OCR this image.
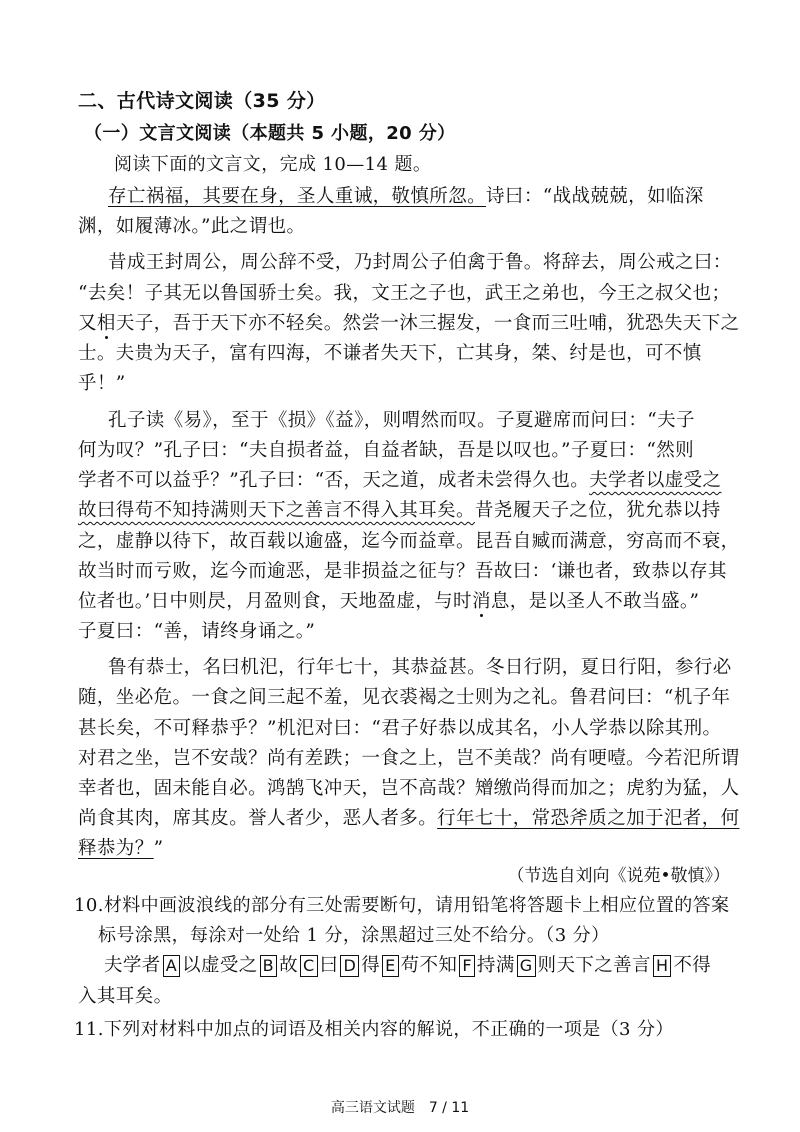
二、古代诗文阅读（35 分）
（一）文言文阅读（本题共 5 小题，20 分）
阅读下面的文言文，完成 10—14 题。
存亡祸福，其要在身，圣人重诫，敬慎所忽。诗曰：“战战兢兢，如临深
渊，如履薄冰。”此之谓也。
昔成王封周公，周公辞不受，乃封周公子伯禽于鲁。将辞去，周公戒之曰：
“去矣！子其无以鲁国骄士矣。我，文王之子也，武王之弟也，今王之叔父也；
又相天子，吾于天下亦不轻矣。然尝一沐三握发，一食而三吐哺，犹恐失天下之
士。夫贵为天子，富有四海，不谦者失天下，亡其身，桀、纣是也，可不慎
乎！”
孔子读《易》，至于《损》《益》，则喟然而叹。子夏避席而问曰：“夫子
何为叹？”孔子曰：“夫自损者益，自益者缺，吾是以叹也。”子夏曰：“然则
学者不可以益乎？”孔子曰：“否，天之道，成者未尝得久也。夫学者以虚受之
故曰得苟不知持满则天下之善言不得入其耳矣。昔尧履天子之位，犹允恭以持
之，虚静以待下，故百载以逾盛，迄今而益章。昆吾自臧而满意，穷高而不衰，
故当时而亏败，迄今而逾恶，是非损益之征与？吾故曰：‘谦也者，致恭以存其
位者也。’日中则昃，月盈则食，天地盈虚，与时消息，是以圣人不敢当盛。”
子夏曰：“善，请终身诵之。”
鲁有恭士，名曰机汜，行年七十，其恭益甚。冬日行阴，夏日行阳，参行必
随，坐必危。一食之间三起不羞，见衣裘褐之士则为之礼。鲁君问曰：“机子年
甚长矣，不可释恭乎？”机汜对曰：“君子好恭以成其名，小人学恭以除其刑。
对君之坐，岂不安哉？尚有差跌；一食之上，岂不美哉？尚有哽噎。今若汜所谓
幸者也，固未能自必。鸿鹄飞冲天，岂不高哉？矰缴尚得而加之；虎豹为猛，人
尚食其肉，席其皮。誉人者少，恶人者多。行年七十，常恐斧质之加于汜者，何
释恭为？”
（节选自刘向《说苑•敬慎》）
10.材料中画波浪线的部分有三处需要断句，请用铅笔将答题卡上相应位置的答案
标号涂黑，每涂对一处给 1 分，涂黑超过三处不给分。（3 分）
夫学者 A 以虚受之 B 故 C 曰 D 得 E 苟不知 F 持满 G 则天下之善言 H 不得
入其耳矣。
11.下列对材料中加点的词语及相关内容的解说，不正确的一项是（3 分）
高三语文试题　7 / 11
